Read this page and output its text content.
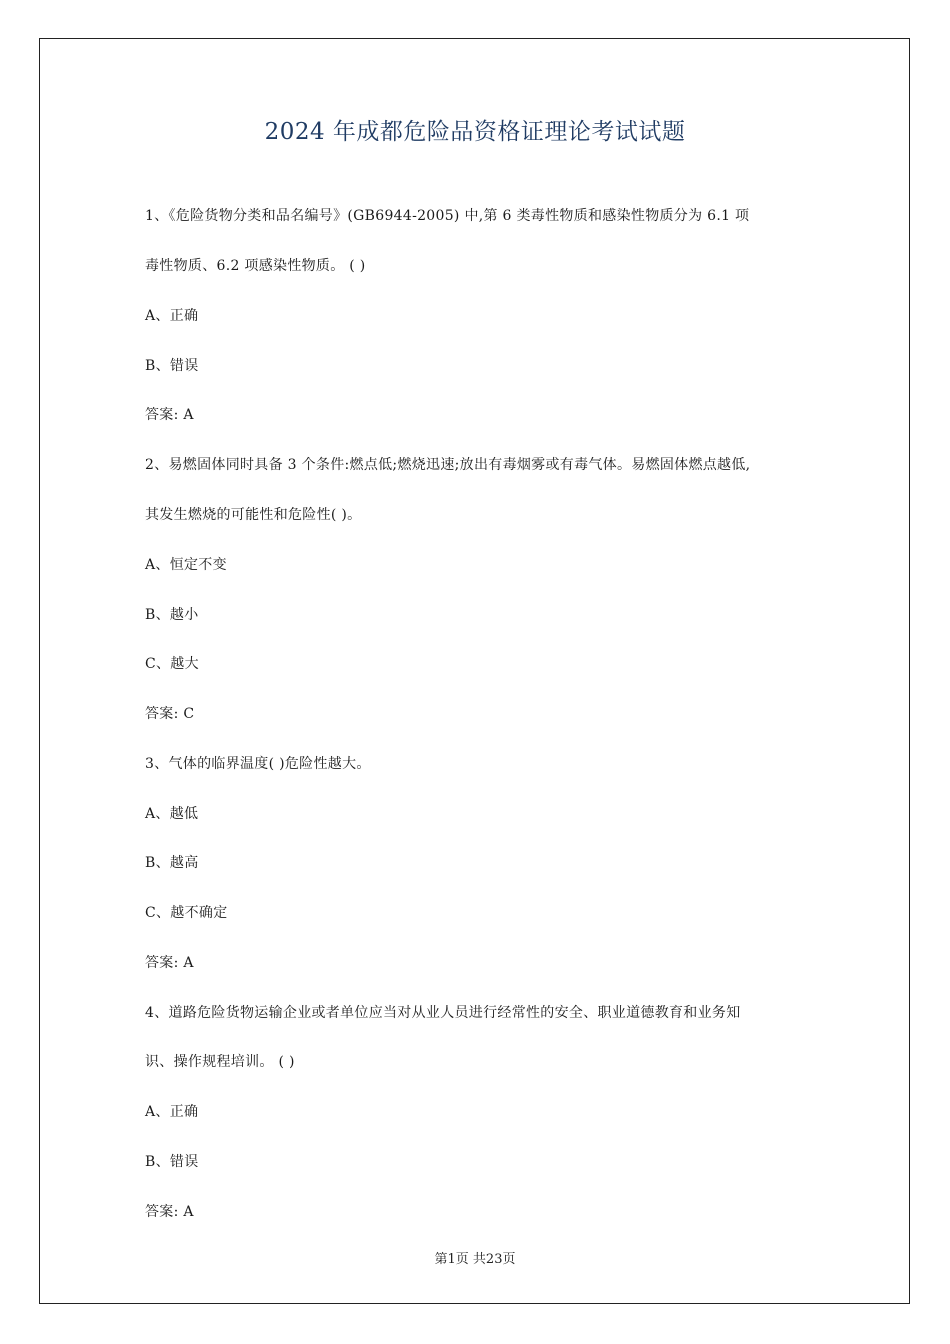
2024 年成都危险品资格证理论考试试题
1、《危险货物分类和品名编号》(GB6944-2005) 中,第 6 类毒性物质和感染性物质分为 6.1 项
毒性物质、6.2 项感染性物质。 ( )
A、正确
B、错误
答案: A
2、易燃固体同时具备 3 个条件:燃点低;燃烧迅速;放出有毒烟雾或有毒气体。易燃固体燃点越低,
其发生燃烧的可能性和危险性( )。
A、恒定不变
B、越小
C、越大
答案: C
3、气体的临界温度( )危险性越大。
A、越低
B、越高
C、越不确定
答案: A
4、道路危险货物运输企业或者单位应当对从业人员进行经常性的安全、职业道德教育和业务知
识、操作规程培训。 ( )
A、正确
B、错误
答案: A
第1页 共23页
